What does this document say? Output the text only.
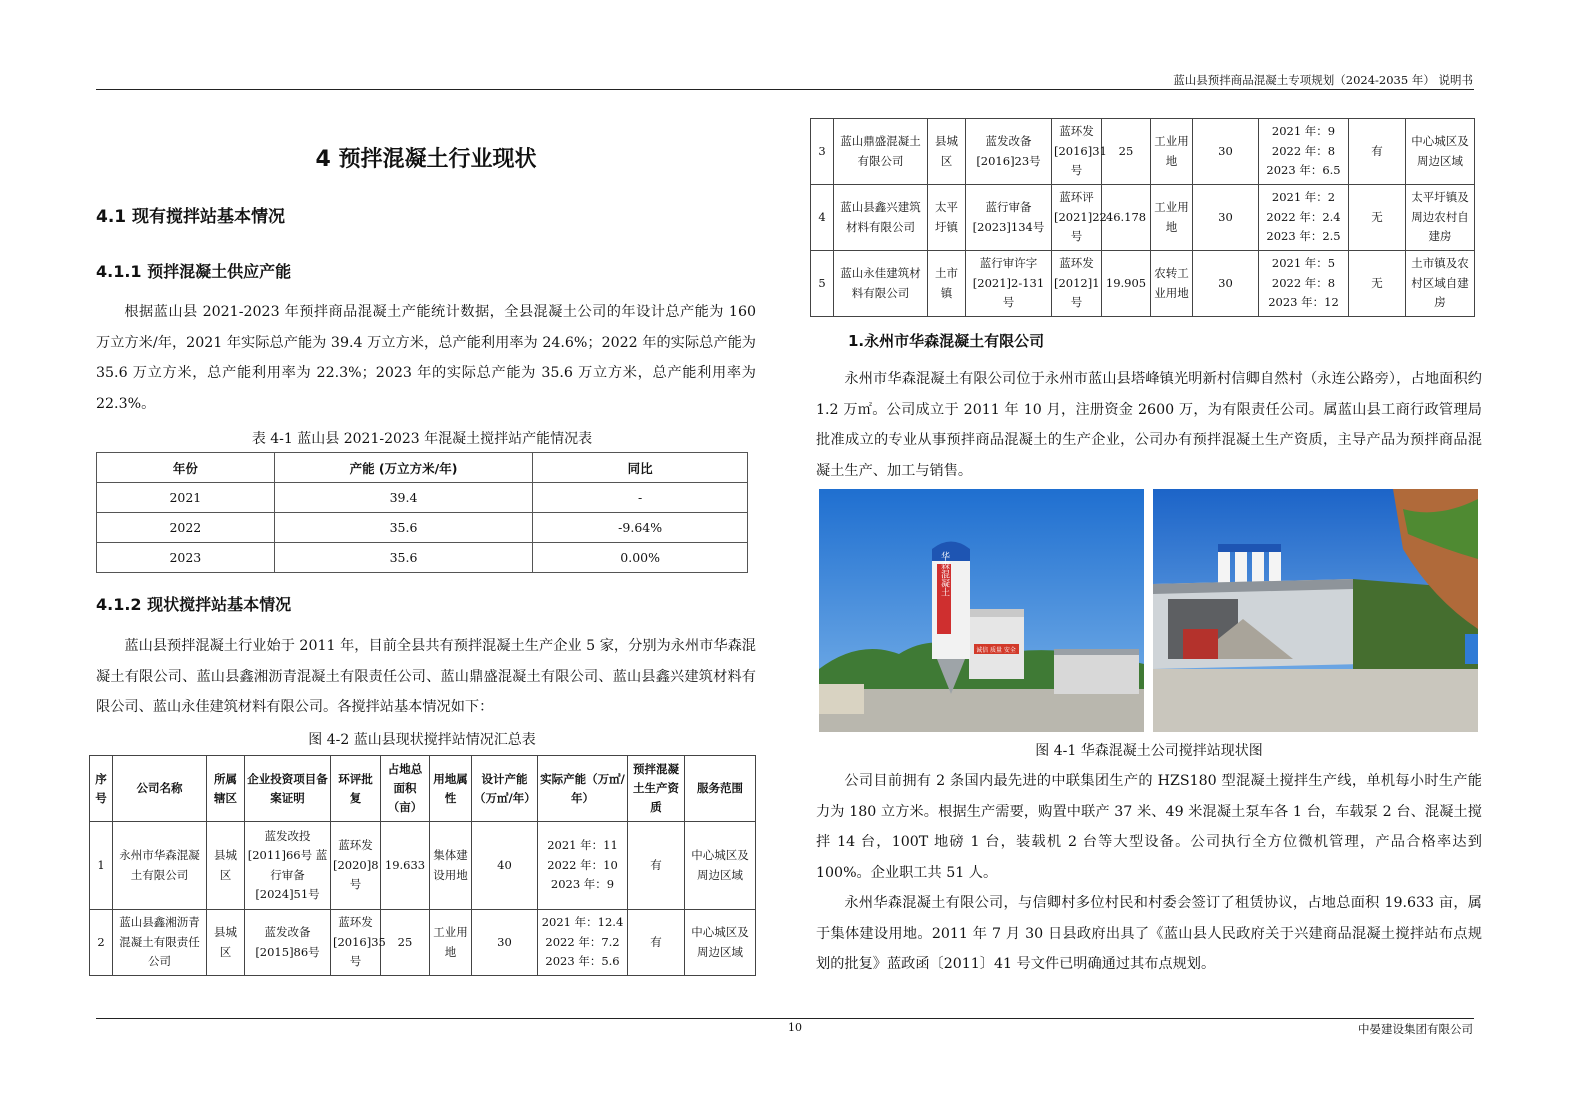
蓝山县预拌商品混凝土专项规划（2024-2035 年） 说明书
4 预拌混凝土行业现状
4.1 现有搅拌站基本情况
4.1.1 预拌混凝土供应产能
根据蓝山县 2021-2023 年预拌商品混凝土产能统计数据，全县混凝土公司的年设计总产能为 160 万立方米/年，2021 年实际总产能为 39.4 万立方米，总产能利用率为 24.6%；2022 年的实际总产能为 35.6 万立方米，总产能利用率为 22.3%；2023 年的实际总产能为 35.6 万立方米，总产能利用率为 22.3%。
表 4-1 蓝山县 2021-2023 年混凝土搅拌站产能情况表
年份	产能 (万立方米/年)	同比
2021	39.4	-
2022	35.6	-9.64%
2023	35.6	0.00%
4.1.2 现状搅拌站基本情况
蓝山县预拌混凝土行业始于 2011 年，目前全县共有预拌混凝土生产企业 5 家，分别为永州市华森混凝土有限公司、蓝山县鑫湘沥青混凝土有限责任公司、蓝山鼎盛混凝土有限公司、蓝山县鑫兴建筑材料有限公司、蓝山永佳建筑材料有限公司。各搅拌站基本情况如下：
图 4-2 蓝山县现状搅拌站情况汇总表
序号	公司名称	所属辖区	企业投资项目备案证明	环评批复	占地总面积（亩）	用地属性	设计产能（万㎥/年）	实际产能（万㎥/年）	预拌混凝土生产资质	服务范围
1	永州市华森混凝土有限公司	县城区	蓝发改投[2011]66号 蓝行审备[2024]51号	蓝环发[2020]8号	19.633	集体建设用地	40	2021 年：11 2022 年：10 2023 年：9	有	中心城区及周边区域
2	蓝山县鑫湘沥青混凝土有限责任公司	县城区	蓝发改备[2015]86号	蓝环发[2016]35号	25	工业用地	30	2021 年：12.4 2022 年：7.2 2023 年：5.6	有	中心城区及周边区域
3	蓝山鼎盛混凝土有限公司	县城区	蓝发改备[2016]23号	蓝环发[2016]31号	25	工业用地	30	2021 年：9 2022 年：8 2023 年：6.5	有	中心城区及周边区域
4	蓝山县鑫兴建筑材料有限公司	太平圩镇	蓝行审备[2023]134号	蓝环评[2021]22号	46.178	工业用地	30	2021 年：2 2022 年：2.4 2023 年：2.5	无	太平圩镇及周边农村自建房
5	蓝山永佳建筑材料有限公司	土市镇	蓝行审许字[2021]2-131号	蓝环发[2012]1号	19.905	农转工业用地	30	2021 年：5 2022 年：8 2023 年：12	无	土市镇及农村区域自建房
1.永州市华森混凝土有限公司
永州市华森混凝土有限公司位于永州市蓝山县塔峰镇光明新村信卿自然村（永连公路旁），占地面积约 1.2 万㎡。公司成立于 2011 年 10 月，注册资金 2600 万，为有限责任公司。属蓝山县工商行政管理局批准成立的专业从事预拌商品混凝土的生产企业，公司办有预拌混凝土生产资质，主导产品为预拌商品混凝土生产、加工与销售。
诚信 质量 安全
华森混凝土
图 4-1 华森混凝土公司搅拌站现状图
公司目前拥有 2 条国内最先进的中联集团生产的 HZS180 型混凝土搅拌生产线，单机每小时生产能力为 180 立方米。根据生产需要，购置中联产 37 米、49 米混凝土泵车各 1 台，车载泵 2 台、混凝土搅拌 14 台，100T 地磅 1 台，装载机 2 台等大型设备。公司执行全方位微机管理，产品合格率达到 100%。企业职工共 51 人。
永州华森混凝土有限公司，与信卿村多位村民和村委会签订了租赁协议，占地总面积 19.633 亩，属于集体建设用地。2011 年 7 月 30 日县政府出具了《蓝山县人民政府关于兴建商品混凝土搅拌站布点规划的批复》蓝政函〔2011〕41 号文件已明确通过其布点规划。
10	中晏建设集团有限公司
